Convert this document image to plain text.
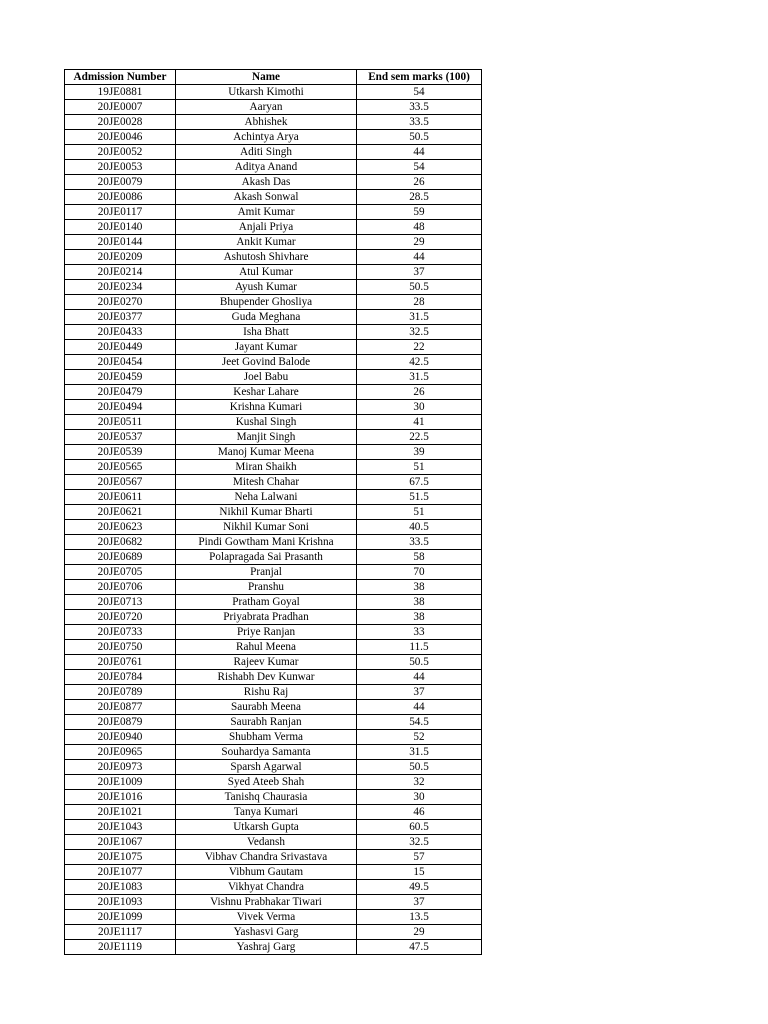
Admission Number	Name	End sem marks (100)
19JE0881	Utkarsh Kimothi	54
20JE0007	Aaryan	33.5
20JE0028	Abhishek	33.5
20JE0046	Achintya Arya	50.5
20JE0052	Aditi Singh	44
20JE0053	Aditya Anand	54
20JE0079	Akash Das	26
20JE0086	Akash Sonwal	28.5
20JE0117	Amit Kumar	59
20JE0140	Anjali Priya	48
20JE0144	Ankit Kumar	29
20JE0209	Ashutosh Shivhare	44
20JE0214	Atul Kumar	37
20JE0234	Ayush Kumar	50.5
20JE0270	Bhupender Ghosliya	28
20JE0377	Guda Meghana	31.5
20JE0433	Isha Bhatt	32.5
20JE0449	Jayant Kumar	22
20JE0454	Jeet Govind Balode	42.5
20JE0459	Joel Babu	31.5
20JE0479	Keshar Lahare	26
20JE0494	Krishna Kumari	30
20JE0511	Kushal Singh	41
20JE0537	Manjit Singh	22.5
20JE0539	Manoj Kumar Meena	39
20JE0565	Miran Shaikh	51
20JE0567	Mitesh Chahar	67.5
20JE0611	Neha Lalwani	51.5
20JE0621	Nikhil Kumar Bharti	51
20JE0623	Nikhil Kumar Soni	40.5
20JE0682	Pindi Gowtham Mani Krishna	33.5
20JE0689	Polapragada Sai Prasanth	58
20JE0705	Pranjal	70
20JE0706	Pranshu	38
20JE0713	Pratham Goyal	38
20JE0720	Priyabrata Pradhan	38
20JE0733	Priye Ranjan	33
20JE0750	Rahul Meena	11.5
20JE0761	Rajeev Kumar	50.5
20JE0784	Rishabh Dev Kunwar	44
20JE0789	Rishu Raj	37
20JE0877	Saurabh Meena	44
20JE0879	Saurabh Ranjan	54.5
20JE0940	Shubham Verma	52
20JE0965	Souhardya Samanta	31.5
20JE0973	Sparsh Agarwal	50.5
20JE1009	Syed Ateeb Shah	32
20JE1016	Tanishq Chaurasia	30
20JE1021	Tanya Kumari	46
20JE1043	Utkarsh Gupta	60.5
20JE1067	Vedansh	32.5
20JE1075	Vibhav Chandra Srivastava	57
20JE1077	Vibhum Gautam	15
20JE1083	Vikhyat Chandra	49.5
20JE1093	Vishnu Prabhakar Tiwari	37
20JE1099	Vivek Verma	13.5
20JE1117	Yashasvi Garg	29
20JE1119	Yashraj Garg	47.5
